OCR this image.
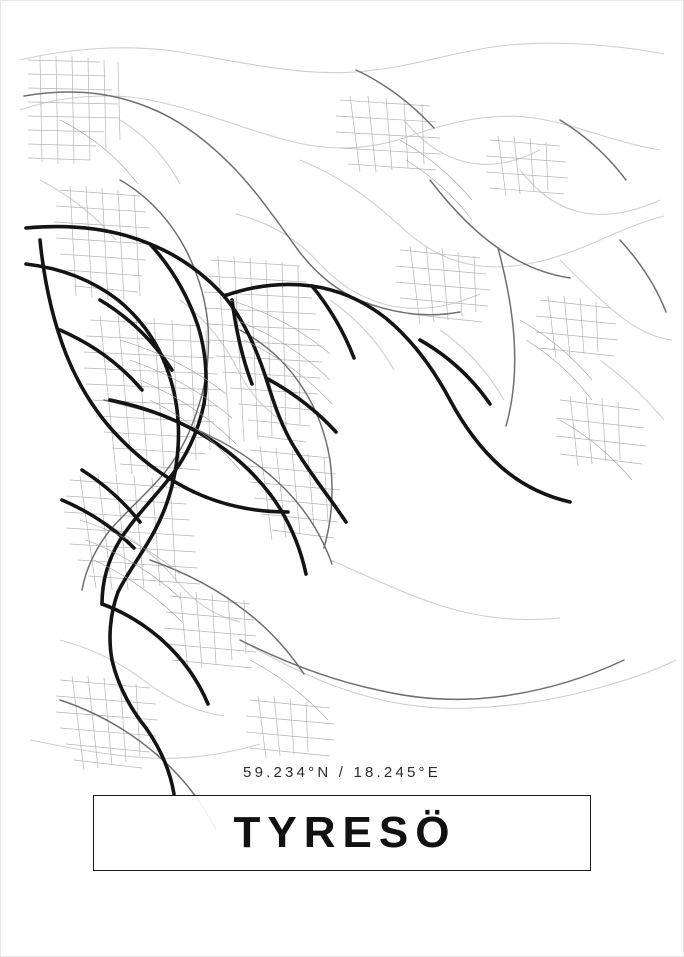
59.234°N / 18.245°E
TYRESÖ
